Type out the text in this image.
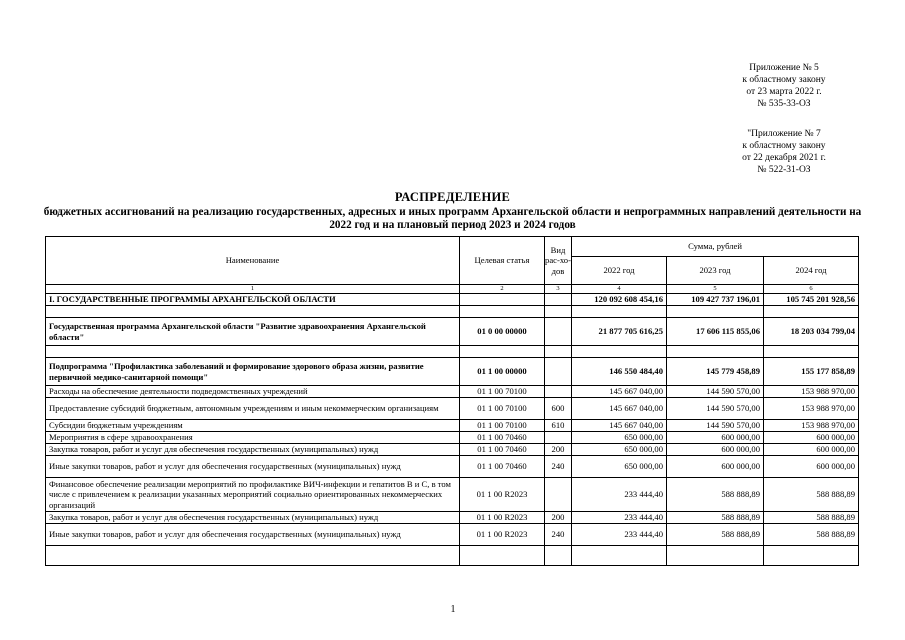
Приложение № 5
к областному закону
от 23 марта 2022 г.
№ 535-33-ОЗ
"Приложение № 7
к областному закону
от 22 декабря 2021 г.
№ 522-31-ОЗ
РАСПРЕДЕЛЕНИЕ
бюджетных ассигнований на реализацию государственных, адресных и иных программ Архангельской области и непрограммных направлений деятельности на 2022 год и на плановый период 2023 и 2024 годов
Наименование	Целевая статья	Вид рас-хо-дов	Сумма, рублей		
			2022 год	2023 год	2024 год
1	2	3	4	5	6
I. ГОСУДАРСТВЕННЫЕ ПРОГРАММЫ АРХАНГЕЛЬСКОЙ ОБЛАСТИ			120 092 608 454,16	109 427 737 196,01	105 745 201 928,56

Государственная программа Архангельской области "Развитие здравоохранения Архангельской области"	01 0 00 00000		21 877 705 616,25	17 606 115 855,06	18 203 034 799,04

Подпрограмма "Профилактика заболеваний и формирование здорового образа жизни, развитие первичной медико-санитарной помощи"	01 1 00 00000		146 550 484,40	145 779 458,89	155 177 858,89
Расходы на обеспечение деятельности подведомственных учреждений	01 1 00 70100		145 667 040,00	144 590 570,00	153 988 970,00
Предоставление субсидий бюджетным, автономным учреждениям и иным некоммерческим организациям	01 1 00 70100	600	145 667 040,00	144 590 570,00	153 988 970,00
Субсидии бюджетным учреждениям	01 1 00 70100	610	145 667 040,00	144 590 570,00	153 988 970,00
Мероприятия в сфере здравоохранения	01 1 00 70460		650 000,00	600 000,00	600 000,00
Закупка товаров, работ и услуг для обеспечения государственных (муниципальных) нужд	01 1 00 70460	200	650 000,00	600 000,00	600 000,00
Иные закупки товаров, работ и услуг для обеспечения государственных (муниципальных) нужд	01 1 00 70460	240	650 000,00	600 000,00	600 000,00
Финансовое обеспечение реализации мероприятий по профилактике ВИЧ-инфекции и гепатитов B и C, в том числе с привлечением к реализации указанных мероприятий социально ориентированных некоммерческих организаций	01 1 00 R2023		233 444,40	588 888,89	588 888,89
Закупка товаров, работ и услуг для обеспечения государственных (муниципальных) нужд	01 1 00 R2023	200	233 444,40	588 888,89	588 888,89
Иные закупки товаров, работ и услуг для обеспечения государственных (муниципальных) нужд	01 1 00 R2023	240	233 444,40	588 888,89	588 888,89

1
